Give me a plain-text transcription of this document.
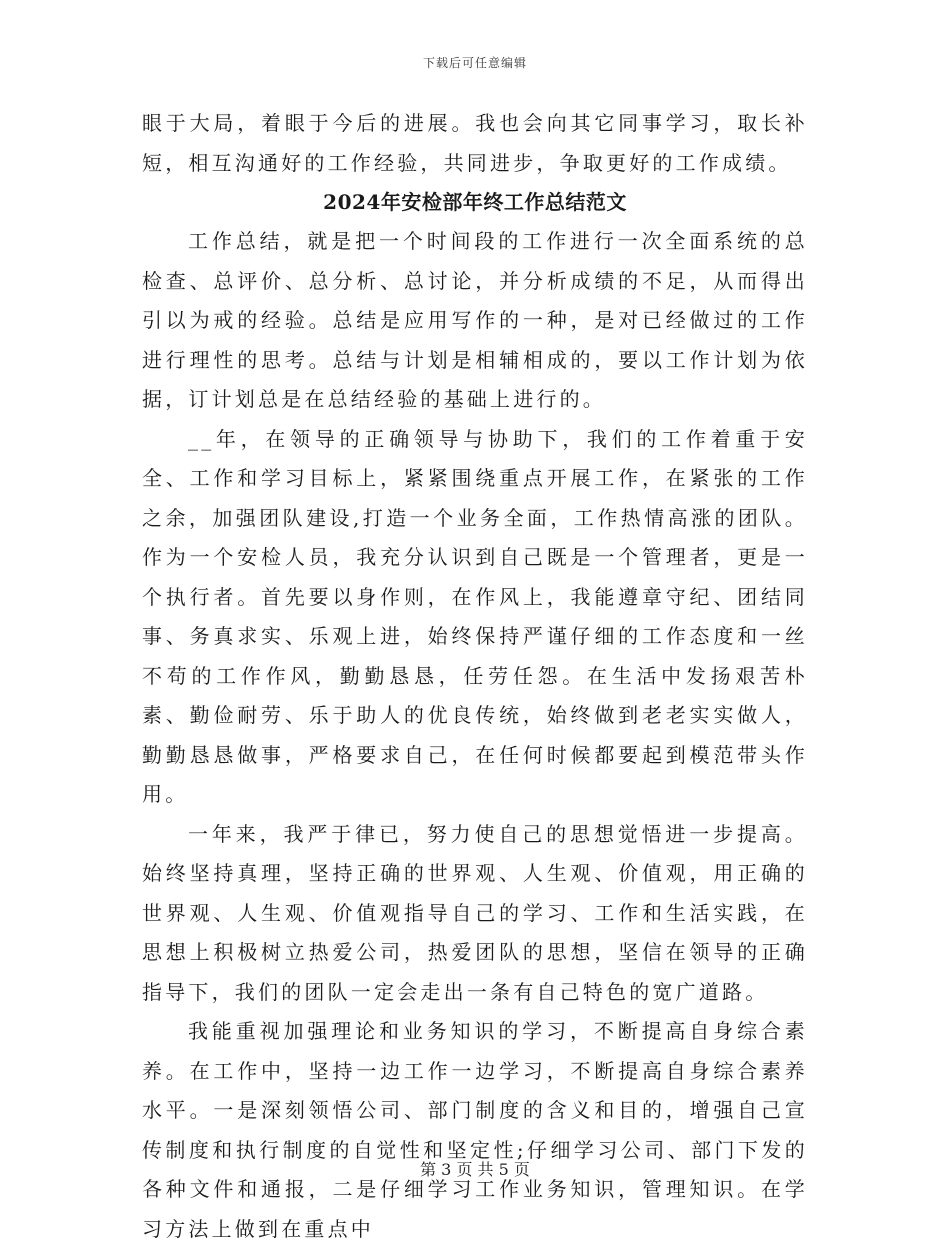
下载后可任意编辑

眼于大局，着眼于今后的进展。我也会向其它同事学习，取长补短，相互沟通好的工作经验，共同进步，争取更好的工作成绩。

2024年安检部年终工作总结范文

工作总结，就是把一个时间段的工作进行一次全面系统的总检查、总评价、总分析、总讨论，并分析成绩的不足，从而得出引以为戒的经验。总结是应用写作的一种，是对已经做过的工作进行理性的思考。总结与计划是相辅相成的，要以工作计划为依据，订计划总是在总结经验的基础上进行的。

__年，在领导的正确领导与协助下，我们的工作着重于安全、工作和学习目标上，紧紧围绕重点开展工作，在紧张的工作之余，加强团队建设,打造一个业务全面，工作热情高涨的团队。作为一个安检人员，我充分认识到自己既是一个管理者，更是一个执行者。首先要以身作则，在作风上，我能遵章守纪、团结同事、务真求实、乐观上进，始终保持严谨仔细的工作态度和一丝不苟的工作作风，勤勤恳恳，任劳任怨。在生活中发扬艰苦朴素、勤俭耐劳、乐于助人的优良传统，始终做到老老实实做人，勤勤恳恳做事，严格要求自己，在任何时候都要起到模范带头作用。

一年来，我严于律已，努力使自己的思想觉悟进一步提高。始终坚持真理，坚持正确的世界观、人生观、价值观，用正确的世界观、人生观、价值观指导自己的学习、工作和生活实践，在思想上积极树立热爱公司，热爱团队的思想，坚信在领导的正确指导下，我们的团队一定会走出一条有自己特色的宽广道路。

我能重视加强理论和业务知识的学习，不断提高自身综合素养。在工作中，坚持一边工作一边学习，不断提高自身综合素养水平。一是深刻领悟公司、部门制度的含义和目的，增强自己宣传制度和执行制度的自觉性和坚定性;仔细学习公司、部门下发的各种文件和通报，二是仔细学习工作业务知识，管理知识。在学习方法上做到在重点中

第 3 页 共 5 页
